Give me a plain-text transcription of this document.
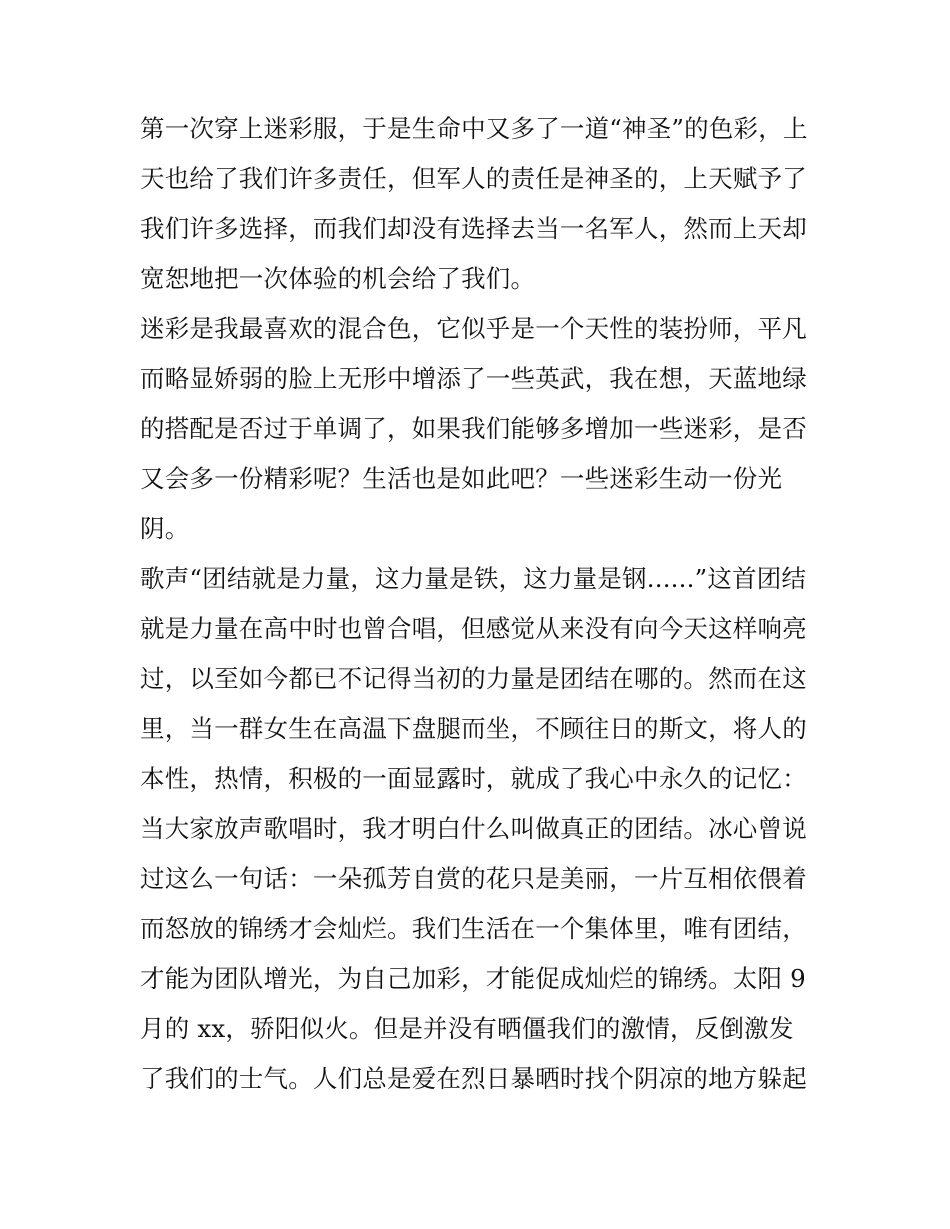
第一次穿上迷彩服，于是生命中又多了一道“神圣”的色彩，上
天也给了我们许多责任，但军人的责任是神圣的，上天赋予了
我们许多选择，而我们却没有选择去当一名军人，然而上天却
宽恕地把一次体验的机会给了我们。
迷彩是我最喜欢的混合色，它似乎是一个天性的装扮师，平凡
而略显娇弱的脸上无形中增添了一些英武，我在想，天蓝地绿
的搭配是否过于单调了，如果我们能够多增加一些迷彩，是否
又会多一份精彩呢？生活也是如此吧？一些迷彩生动一份光
阴。
歌声“团结就是力量，这力量是铁，这力量是钢......”这首团结
就是力量在高中时也曾合唱，但感觉从来没有向今天这样响亮
过，以至如今都已不记得当初的力量是团结在哪的。然而在这
里，当一群女生在高温下盘腿而坐，不顾往日的斯文，将人的
本性，热情，积极的一面显露时，就成了我心中永久的记忆：
当大家放声歌唱时，我才明白什么叫做真正的团结。冰心曾说
过这么一句话：一朵孤芳自赏的花只是美丽，一片互相依偎着
而怒放的锦绣才会灿烂。我们生活在一个集体里，唯有团结，
才能为团队增光，为自己加彩，才能促成灿烂的锦绣。太阳 9
月的 xx，骄阳似火。但是并没有晒僵我们的激情，反倒激发
了我们的士气。人们总是爱在烈日暴晒时找个阴凉的地方躲起
